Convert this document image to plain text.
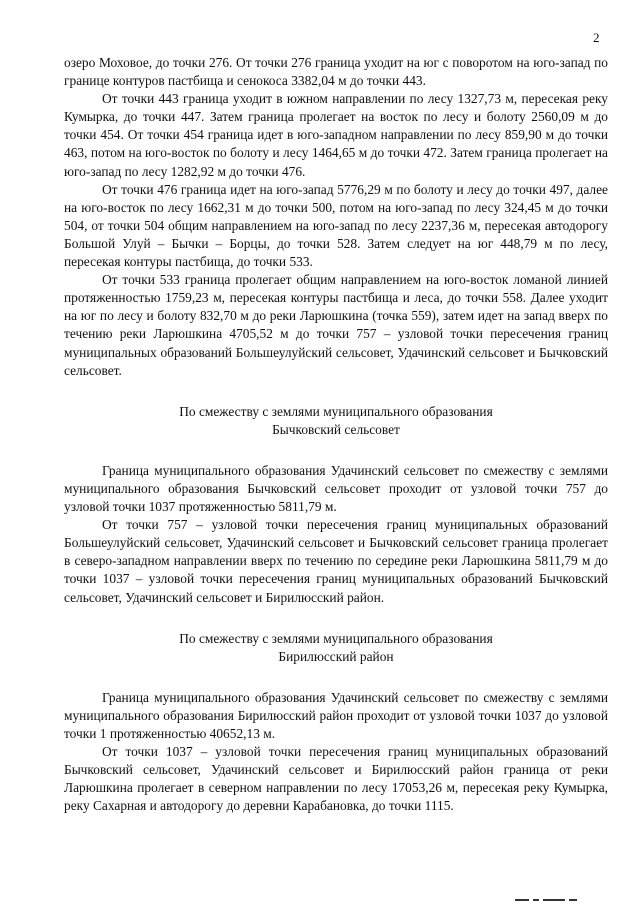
2

озеро Моховое, до точки 276. От точки 276 граница уходит на юг с поворотом на юго-запад по границе контуров пастбища и сенокоса 3382,04 м до точки 443.

От точки 443 граница уходит в южном направлении по лесу 1327,73 м, пересекая реку Кумырка, до точки 447. Затем граница пролегает на восток по лесу и болоту 2560,09 м до точки 454. От точки 454 граница идет в юго-западном направлении по лесу 859,90 м до точки 463, потом на юго-восток по болоту и лесу 1464,65 м до точки 472. Затем граница пролегает на юго-запад по лесу 1282,92 м до точки 476.

От точки 476 граница идет на юго-запад 5776,29 м по болоту и лесу до точки 497, далее на юго-восток по лесу 1662,31 м до точки 500, потом на юго-запад по лесу 324,45 м до точки 504, от точки 504 общим направлением на юго-запад по лесу 2237,36 м, пересекая автодорогу Большой Улуй – Бычки – Борцы, до точки 528. Затем следует на юг 448,79 м по лесу, пересекая контуры пастбища, до точки 533.

От точки 533 граница пролегает общим направлением на юго-восток ломаной линией протяженностью 1759,23 м, пересекая контуры пастбища и леса, до точки 558. Далее уходит на юг по лесу и болоту 832,70 м до реки Ларюшкина (точка 559), затем идет на запад вверх по течению реки Ларюшкина 4705,52 м до точки 757 – узловой точки пересечения границ муниципальных образований Большеулуйский сельсовет, Удачинский сельсовет и Бычковский сельсовет.

По смежеству с землями муниципального образования
Бычковский сельсовет

Граница муниципального образования Удачинский сельсовет по смежеству с землями муниципального образования Бычковский сельсовет проходит от узловой точки 757 до узловой точки 1037 протяженностью 5811,79 м.

От точки 757 – узловой точки пересечения границ муниципальных образований Большеулуйский сельсовет, Удачинский сельсовет и Бычковский сельсовет граница пролегает в северо-западном направлении вверх по течению по середине реки Ларюшкина 5811,79 м до точки 1037 – узловой точки пересечения границ муниципальных образований Бычковский сельсовет, Удачинский сельсовет и Бирилюсский район.

По смежеству с землями муниципального образования
Бирилюсский район

Граница муниципального образования Удачинский сельсовет по смежеству с землями муниципального образования Бирилюсский район проходит от узловой точки 1037 до узловой точки 1 протяженностью 40652,13 м.

От точки 1037 – узловой точки пересечения границ муниципальных образований Бычковский сельсовет, Удачинский сельсовет и Бирилюсский район граница от реки Ларюшкина пролегает в северном направлении по лесу 17053,26 м, пересекая реку Кумырка, реку Сахарная и автодорогу до деревни Карабановка, до точки 1115.
